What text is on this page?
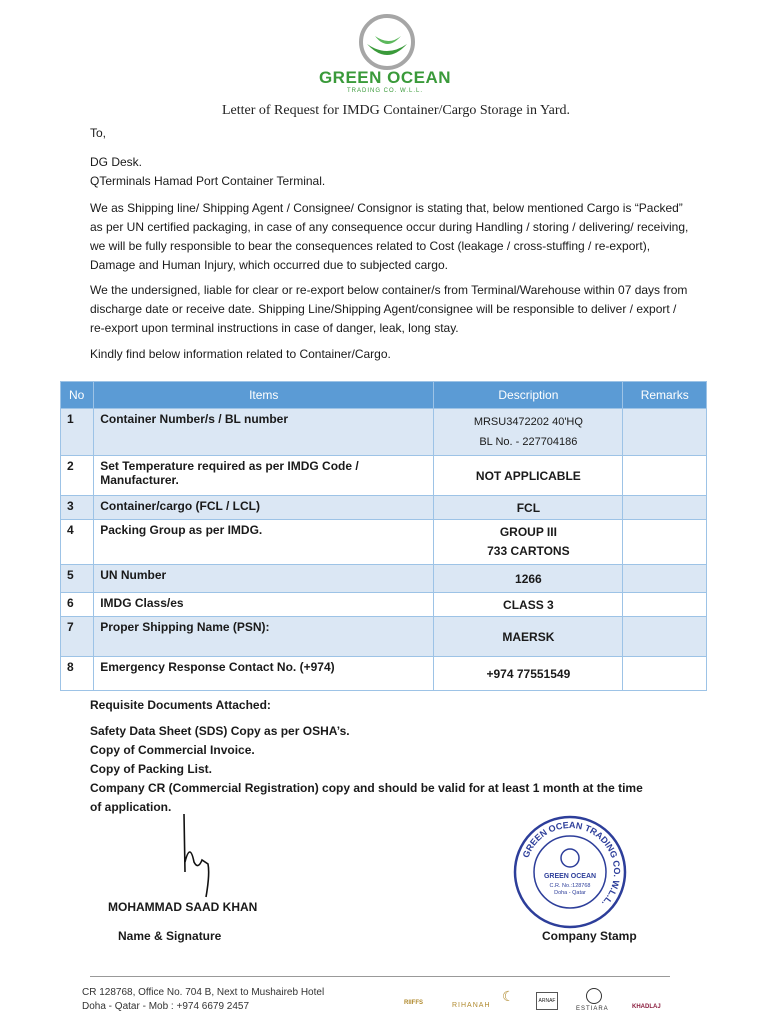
GREEN OCEAN
TRADING CO. W.L.L.
Letter of Request for IMDG Container/Cargo Storage in Yard.
To,
DG Desk.
QTerminals Hamad Port Container Terminal.
We as Shipping line/ Shipping Agent / Consignee/ Consignor is stating that, below mentioned Cargo is “Packed” as per UN certified packaging, in case of any consequence occur during Handling / storing / delivering/ receiving, we will be fully responsible to bear the consequences related to Cost (leakage / cross-stuffing / re-export), Damage and Human Injury, which occurred due to subjected cargo.
We the undersigned, liable for clear or re-export below container/s from Terminal/Warehouse within 07 days from discharge date or receive date. Shipping Line/Shipping Agent/consignee will be responsible to deliver / export / re-export upon terminal instructions in case of danger, leak, long stay.
Kindly find below information related to Container/Cargo.
No	Items	Description	Remarks
1	Container Number/s / BL number	MRSU3472202 40'HQ
BL No. - 227704186	

2	Set Temperature required as per IMDG Code / Manufacturer.	NOT APPLICABLE	
3	Container/cargo (FCL / LCL)	FCL	
4	Packing Group as per IMDG.	GROUP III
733 CARTONS	

5	UN Number	1266	
6	IMDG Class/es	CLASS 3	
7	Proper Shipping Name (PSN):	MAERSK	
8	Emergency Response Contact No. (+974)	+974 77551549	
Requisite Documents Attached:
Safety Data Sheet (SDS) Copy as per OSHA’s.
Copy of Commercial Invoice.
Copy of Packing List.
Company CR (Commercial Registration) copy and should be valid for at least 1 month at the time of application.
MOHAMMAD SAAD KHAN
Name & Signature
GREEN OCEAN TRADING CO. W.L.L.
GREEN OCEAN
C.R. No.:128768
Doha - Qatar
Company Stamp
CR 128768, Office No. 704 B, Next to Mushaireb Hotel
Doha - Qatar - Mob : +974 6679 2457	RIIFFS	RIHANAH
☾	ARNAF
ESTIARA	KHADLAJ
